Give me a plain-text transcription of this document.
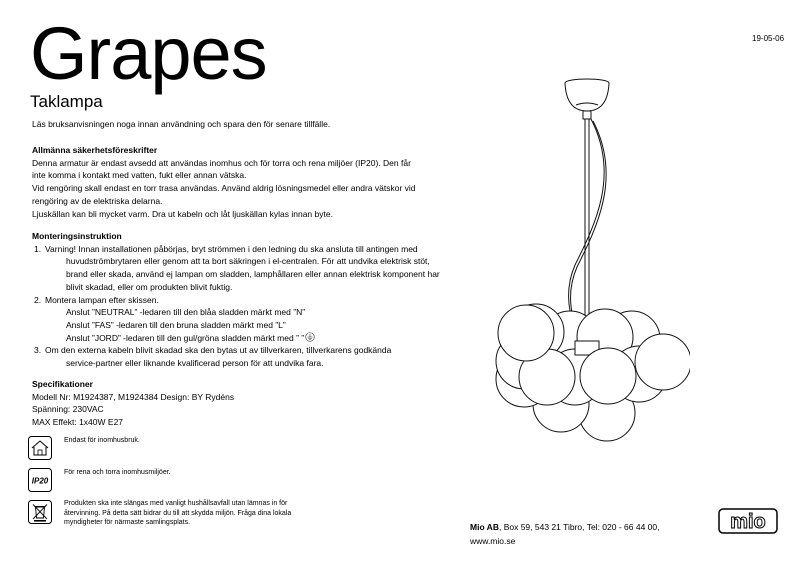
19-05-06
Grapes
Taklampa
Läs bruksanvisningen noga innan användning och spara den för senare tillfälle.
Allmänna säkerhetsföreskrifter
Denna armatur är endast avsedd att användas inomhus och för torra och rena miljöer (IP20). Den får
inte komma i kontakt med vatten, fukt eller annan vätska.
Vid rengöring skall endast en torr trasa användas. Använd aldrig lösningsmedel eller andra vätskor vid
rengöring av de elektriska delarna.
Ljuskällan kan bli mycket varm. Dra ut kabeln och låt ljuskällan kylas innan byte.
Monteringsinstruktion
1. Varning! Innan installationen påbörjas, bryt strömmen i den ledning du ska ansluta till antingen med
huvudströmbrytaren eller genom att ta bort säkringen i el-centralen. För att undvika elektrisk stöt,
brand eller skada, använd ej lampan om sladden, lamphållaren eller annan elektrisk komponent har
blivit skadad, eller om produkten blivit fuktig.
2. Montera lampan efter skissen.
Anslut ”NEUTRAL” -ledaren till den blåa sladden märkt med ”N”
Anslut ”FAS” -ledaren till den bruna sladden märkt med ”L”
Anslut ”JORD” -ledaren till den gul/gröna sladden märkt med ” ”
3. Om den externa kabeln blivit skadad ska den bytas ut av tillverkaren, tillverkarens godkända
service-partner eller liknande kvalificerad person för att undvika fara.
Specifikationer
Modell Nr: M1924387, M1924384 Design: BY Rydéns
Spänning: 230VAC
MAX Effekt: 1x40W E27
Endast för inomhusbruk.
IP20
För rena och torra inomhusmiljöer.
Produkten ska inte slängas med vanligt hushållsavfall utan lämnas in för
återvinning. På detta sätt bidrar du till att skydda miljön. Fråga dina lokala
myndigheter för närmaste samlingsplats.	Mio AB, Box 59, 543 21 Tibro, Tel: 020 - 66 44 00,
www.mio.se
mio
